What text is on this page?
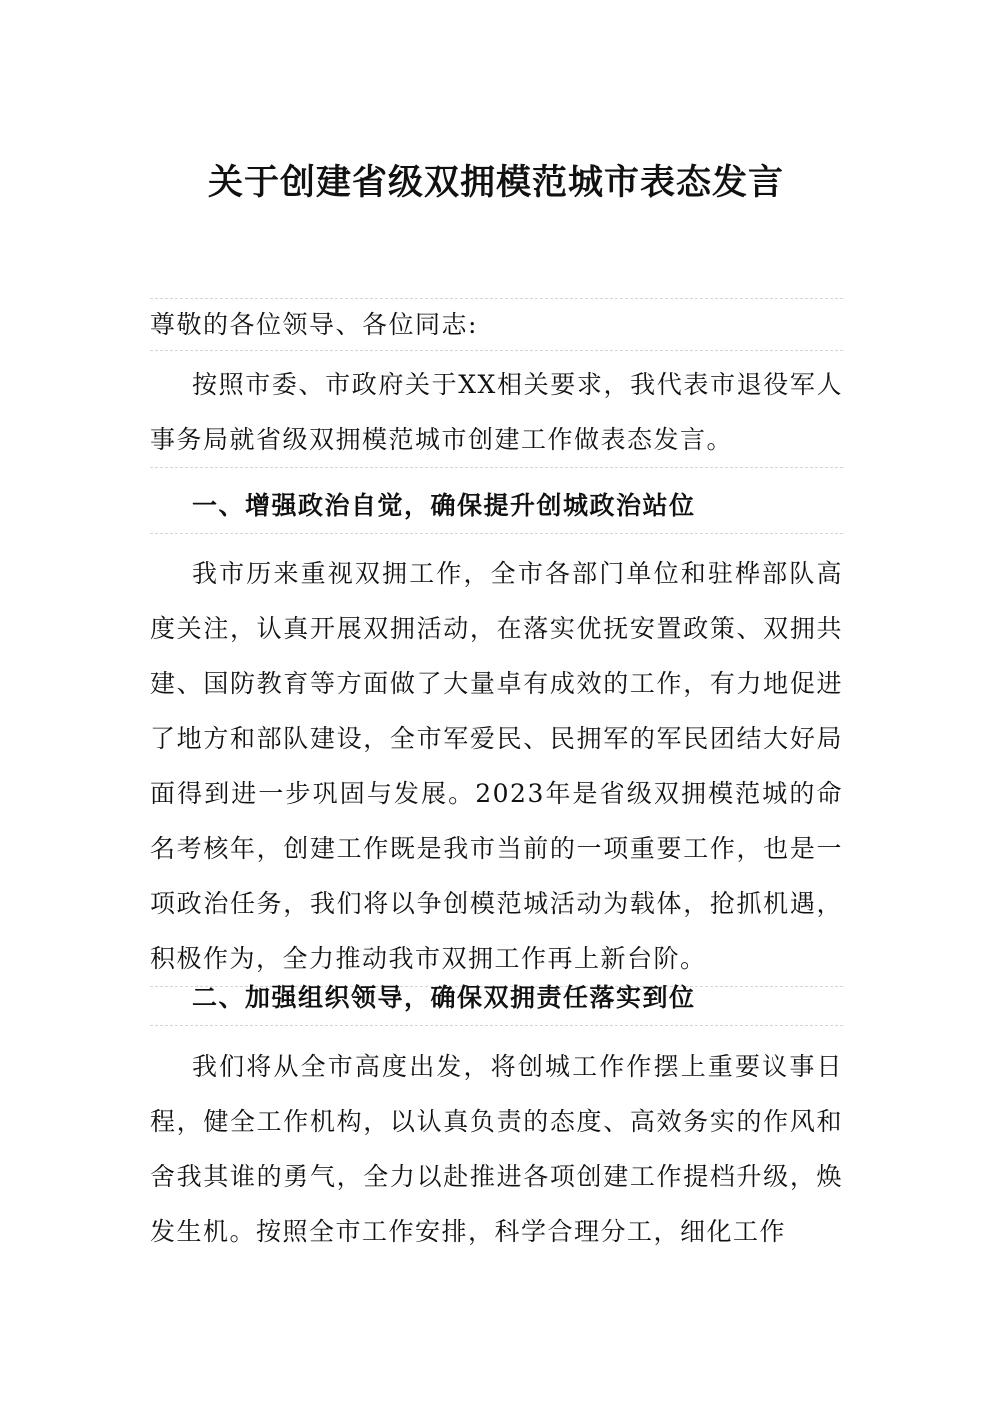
关于创建省级双拥模范城市表态发言
尊敬的各位领导、各位同志:

按照市委、市政府关于XX相关要求，我代表市退役军人事务局就省级双拥模范城市创建工作做表态发言。

一、增强政治自觉，确保提升创城政治站位

我市历来重视双拥工作，全市各部门单位和驻桦部队高度关注，认真开展双拥活动，在落实优抚安置政策、双拥共建、国防教育等方面做了大量卓有成效的工作，有力地促进了地方和部队建设，全市军爱民、民拥军的军民团结大好局面得到进一步巩固与发展。2023年是省级双拥模范城的命名考核年，创建工作既是我市当前的一项重要工作，也是一项政治任务，我们将以争创模范城活动为载体，抢抓机遇，积极作为，全力推动我市双拥工作再上新台阶。

二、加强组织领导，确保双拥责任落实到位

我们将从全市高度出发，将创城工作作摆上重要议事日程，健全工作机构，以认真负责的态度、高效务实的作风和舍我其谁的勇气，全力以赴推进各项创建工作提档升级，焕发生机。按照全市工作安排，科学合理分工，细化工作
